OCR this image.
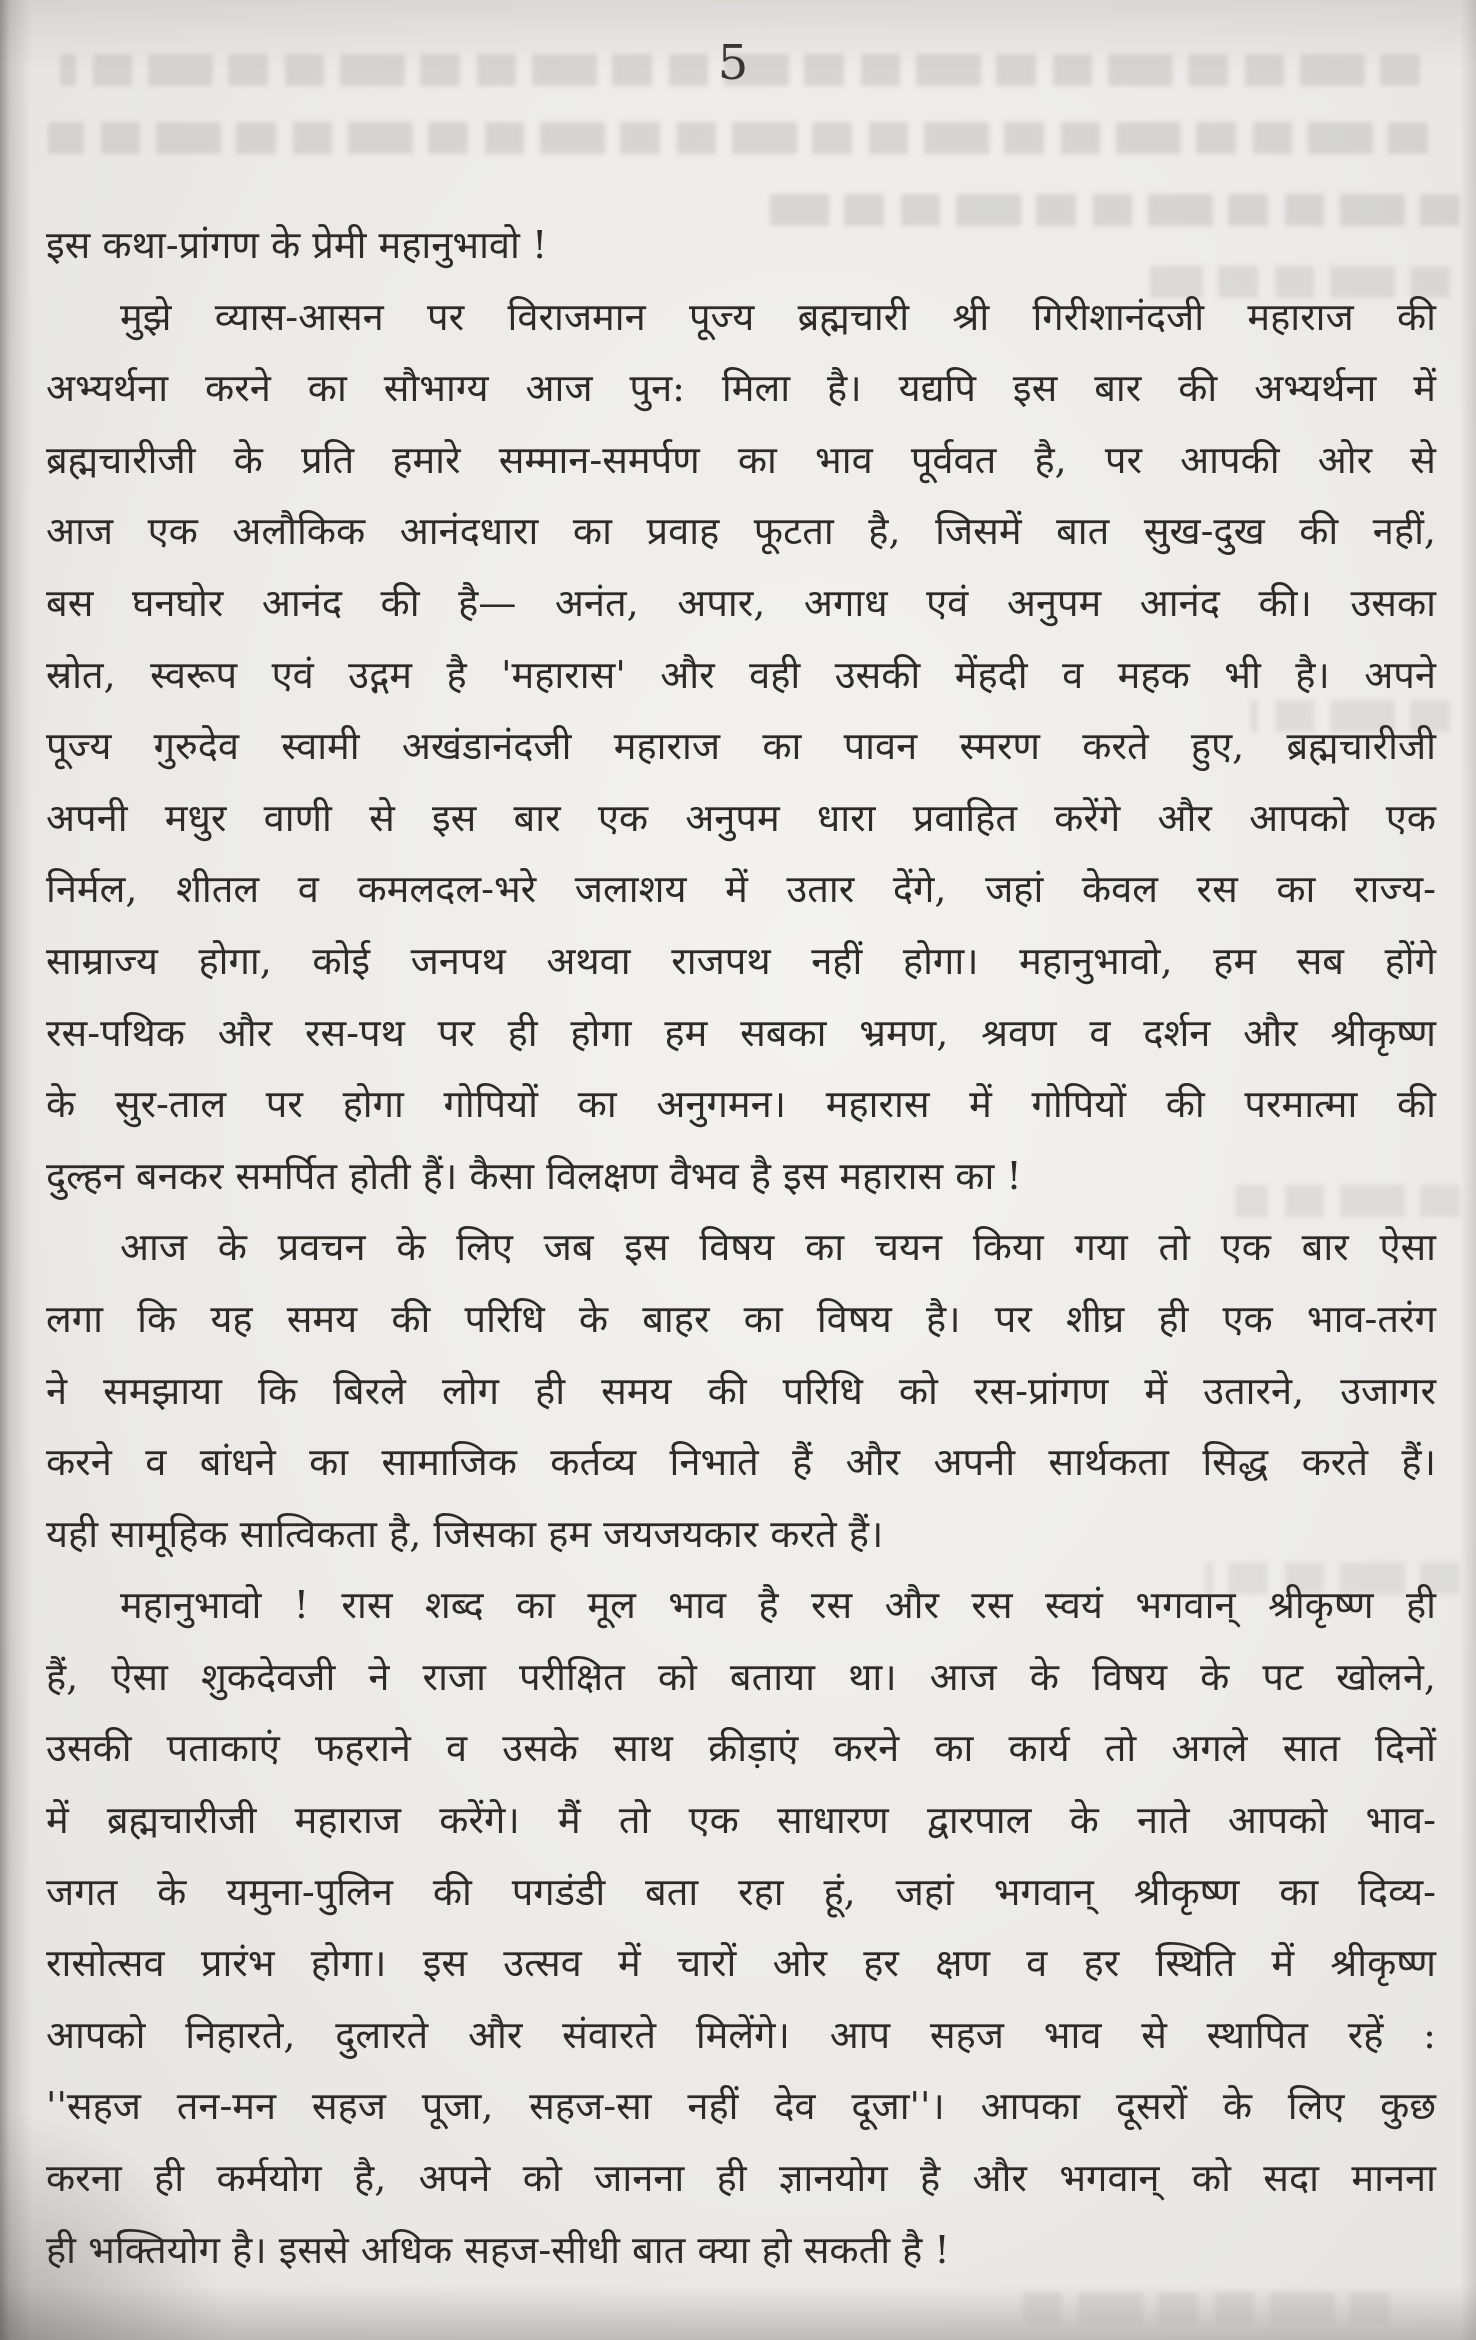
5
इस कथा-प्रांगण के प्रेमी महानुभावो !
मुझे व्यास-आसन पर विराजमान पूज्य ब्रह्मचारी श्री गिरीशानंदजी महाराज की
अभ्यर्थना करने का सौभाग्य आज पुन: मिला है। यद्यपि इस बार की अभ्यर्थना में
ब्रह्मचारीजी के प्रति हमारे सम्मान-समर्पण का भाव पूर्ववत है, पर आपकी ओर से
आज एक अलौकिक आनंदधारा का प्रवाह फूटता है, जिसमें बात सुख-दुख की नहीं,
बस घनघोर आनंद की है— अनंत, अपार, अगाध एवं अनुपम आनंद की। उसका
स्रोत, स्वरूप एवं उद्गम है 'महारास' और वही उसकी मेंहदी व महक भी है। अपने
पूज्य गुरुदेव स्वामी अखंडानंदजी महाराज का पावन स्मरण करते हुए, ब्रह्मचारीजी
अपनी मधुर वाणी से इस बार एक अनुपम धारा प्रवाहित करेंगे और आपको एक
निर्मल, शीतल व कमलदल-भरे जलाशय में उतार देंगे, जहां केवल रस का राज्य-
साम्राज्य होगा, कोई जनपथ अथवा राजपथ नहीं होगा। महानुभावो, हम सब होंगे
रस-पथिक और रस-पथ पर ही होगा हम सबका भ्रमण, श्रवण व दर्शन और श्रीकृष्ण
के सुर-ताल पर होगा गोपियों का अनुगमन। महारास में गोपियों की परमात्मा की
दुल्हन बनकर समर्पित होती हैं। कैसा विलक्षण वैभव है इस महारास का !
आज के प्रवचन के लिए जब इस विषय का चयन किया गया तो एक बार ऐसा
लगा कि यह समय की परिधि के बाहर का विषय है। पर शीघ्र ही एक भाव-तरंग
ने समझाया कि बिरले लोग ही समय की परिधि को रस-प्रांगण में उतारने, उजागर
करने व बांधने का सामाजिक कर्तव्य निभाते हैं और अपनी सार्थकता सिद्ध करते हैं।
यही सामूहिक सात्विकता है, जिसका हम जयजयकार करते हैं।
महानुभावो ! रास शब्द का मूल भाव है रस और रस स्वयं भगवान् श्रीकृष्ण ही
हैं, ऐसा शुकदेवजी ने राजा परीक्षित को बताया था। आज के विषय के पट खोलने,
उसकी पताकाएं फहराने व उसके साथ क्रीड़ाएं करने का कार्य तो अगले सात दिनों
में ब्रह्मचारीजी महाराज करेंगे। मैं तो एक साधारण द्वारपाल के नाते आपको भाव-
जगत के यमुना-पुलिन की पगडंडी बता रहा हूं, जहां भगवान् श्रीकृष्ण का दिव्य-
रासोत्सव प्रारंभ होगा। इस उत्सव में चारों ओर हर क्षण व हर स्थिति में श्रीकृष्ण
आपको निहारते, दुलारते और संवारते मिलेंगे। आप सहज भाव से स्थापित रहें :
''सहज तन-मन सहज पूजा, सहज-सा नहीं देव दूजा''। आपका दूसरों के लिए कुछ
करना ही कर्मयोग है, अपने को जानना ही ज्ञानयोग है और भगवान् को सदा मानना
ही भक्तियोग है। इससे अधिक सहज-सीधी बात क्या हो सकती है !
